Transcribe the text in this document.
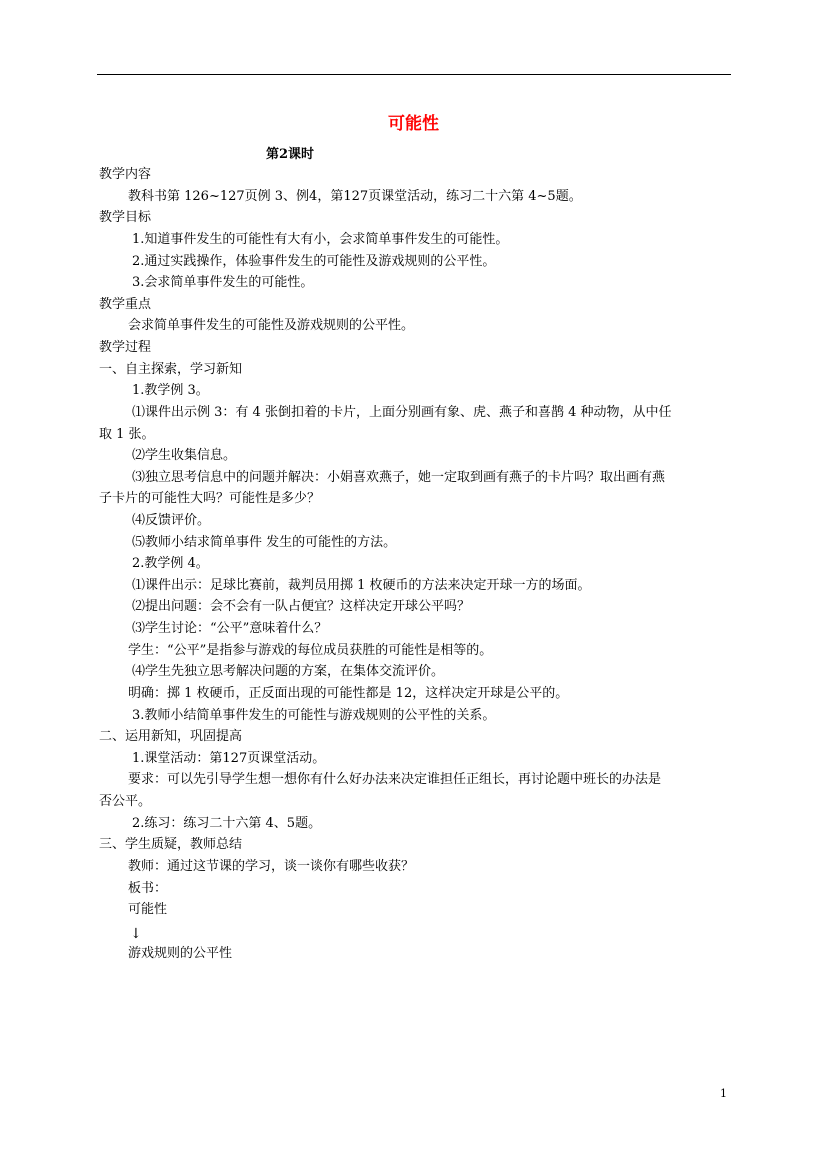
可能性
第2课时
教学内容
教科书第 126~127页例 3、例4，第127页课堂活动，练习二十六第 4~5题。
教学目标
1.知道事件发生的可能性有大有小，会求简单事件发生的可能性。
2.通过实践操作，体验事件发生的可能性及游戏规则的公平性。
3.会求简单事件发生的可能性。
教学重点
会求简单事件发生的可能性及游戏规则的公平性。
教学过程
一、自主探索，学习新知
1.教学例 3。
⑴课件出示例 3：有 4 张倒扣着的卡片，上面分别画有象、虎、燕子和喜鹊 4 种动物，从中任
取 1 张。
⑵学生收集信息。
⑶独立思考信息中的问题并解决：小娟喜欢燕子，她一定取到画有燕子的卡片吗？取出画有燕
子卡片的可能性大吗？可能性是多少？
⑷反馈评价。
⑸教师小结求简单事件 发生的可能性的方法。
2.教学例 4。
⑴课件出示：足球比赛前，裁判员用掷 1 枚硬币的方法来决定开球一方的场面。
⑵提出问题：会不会有一队占便宜？这样决定开球公平吗？
⑶学生讨论：“公平”意味着什么？
学生：“公平”是指参与游戏的每位成员获胜的可能性是相等的。
⑷学生先独立思考解决问题的方案，在集体交流评价。
明确：掷 1 枚硬币，正反面出现的可能性都是 12，这样决定开球是公平的。
3.教师小结简单事件发生的可能性与游戏规则的公平性的关系。
二、运用新知，巩固提高
1.课堂活动：第127页课堂活动。
要求：可以先引导学生想一想你有什么好办法来决定谁担任正组长，再讨论题中班长的办法是
否公平。
2.练习：练习二十六第 4、5题。
三、学生质疑，教师总结
教师：通过这节课的学习，谈一谈你有哪些收获？
板书：
可能性
↓
游戏规则的公平性
1
